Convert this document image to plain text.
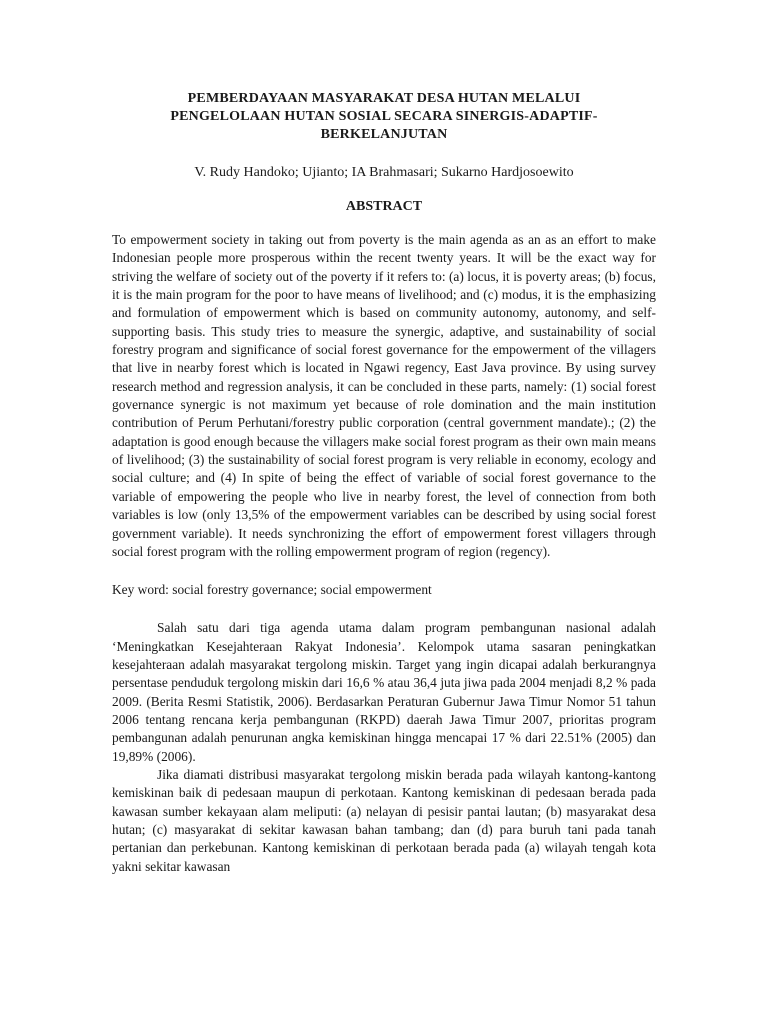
PEMBERDAYAAN MASYARAKAT DESA HUTAN MELALUI
PENGELOLAAN HUTAN SOSIAL SECARA SINERGIS-ADAPTIF-
BERKELANJUTAN

V. Rudy Handoko; Ujianto; IA Brahmasari; Sukarno Hardjosoewito

ABSTRACT

To empowerment society in taking out from poverty is the main agenda as an as an effort to make Indonesian people more prosperous within the recent twenty years. It will be the exact way for striving the welfare of society out of the poverty if it refers to: (a) locus, it is poverty areas; (b) focus, it is the main program for the poor to have means of livelihood; and (c) modus, it is the emphasizing and formulation of empowerment which is based on community autonomy, autonomy, and self-supporting basis. This study tries to measure the synergic, adaptive, and sustainability of social forestry program and significance of social forest governance for the empowerment of the villagers that live in nearby forest which is located in Ngawi regency, East Java province. By using survey research method and regression analysis, it can be concluded in these parts, namely: (1) social forest governance synergic is not maximum yet because of role domination and the main institution contribution of Perum Perhutani/forestry public corporation (central government mandate).; (2) the adaptation is good enough because the villagers make social forest program as their own main means of livelihood; (3) the sustainability of social forest program is very reliable in economy, ecology and social culture; and (4) In spite of being the effect of variable of social forest governance to the variable of empowering the people who live in nearby forest, the level of connection from both variables is low (only 13,5% of the empowerment variables can be described by using social forest government variable). It needs synchronizing the effort of empowerment forest villagers through social forest program with the rolling empowerment program of region (regency).

Key word: social forestry governance; social empowerment

Salah satu dari tiga agenda utama dalam program pembangunan nasional adalah ‘Meningkatkan Kesejahteraan Rakyat Indonesia’. Kelompok utama sasaran peningkatkan kesejahteraan adalah masyarakat tergolong miskin. Target yang ingin dicapai adalah berkurangnya persentase penduduk tergolong miskin dari 16,6 % atau 36,4 juta jiwa pada 2004 menjadi 8,2 % pada 2009. (Berita Resmi Statistik, 2006). Berdasarkan Peraturan Gubernur Jawa Timur Nomor 51 tahun 2006 tentang rencana kerja pembangunan (RKPD) daerah Jawa Timur 2007, prioritas program pembangunan adalah penurunan angka kemiskinan hingga mencapai 17 % dari 22.51% (2005) dan 19,89% (2006).

Jika diamati distribusi masyarakat tergolong miskin berada pada wilayah kantong-kantong kemiskinan baik di pedesaan maupun di perkotaan. Kantong kemiskinan di pedesaan berada pada kawasan sumber kekayaan alam meliputi: (a) nelayan di pesisir pantai lautan; (b) masyarakat desa hutan; (c) masyarakat di sekitar kawasan bahan tambang; dan (d) para buruh tani pada tanah pertanian dan perkebunan. Kantong kemiskinan di perkotaan berada pada (a) wilayah tengah kota yakni sekitar kawasan
